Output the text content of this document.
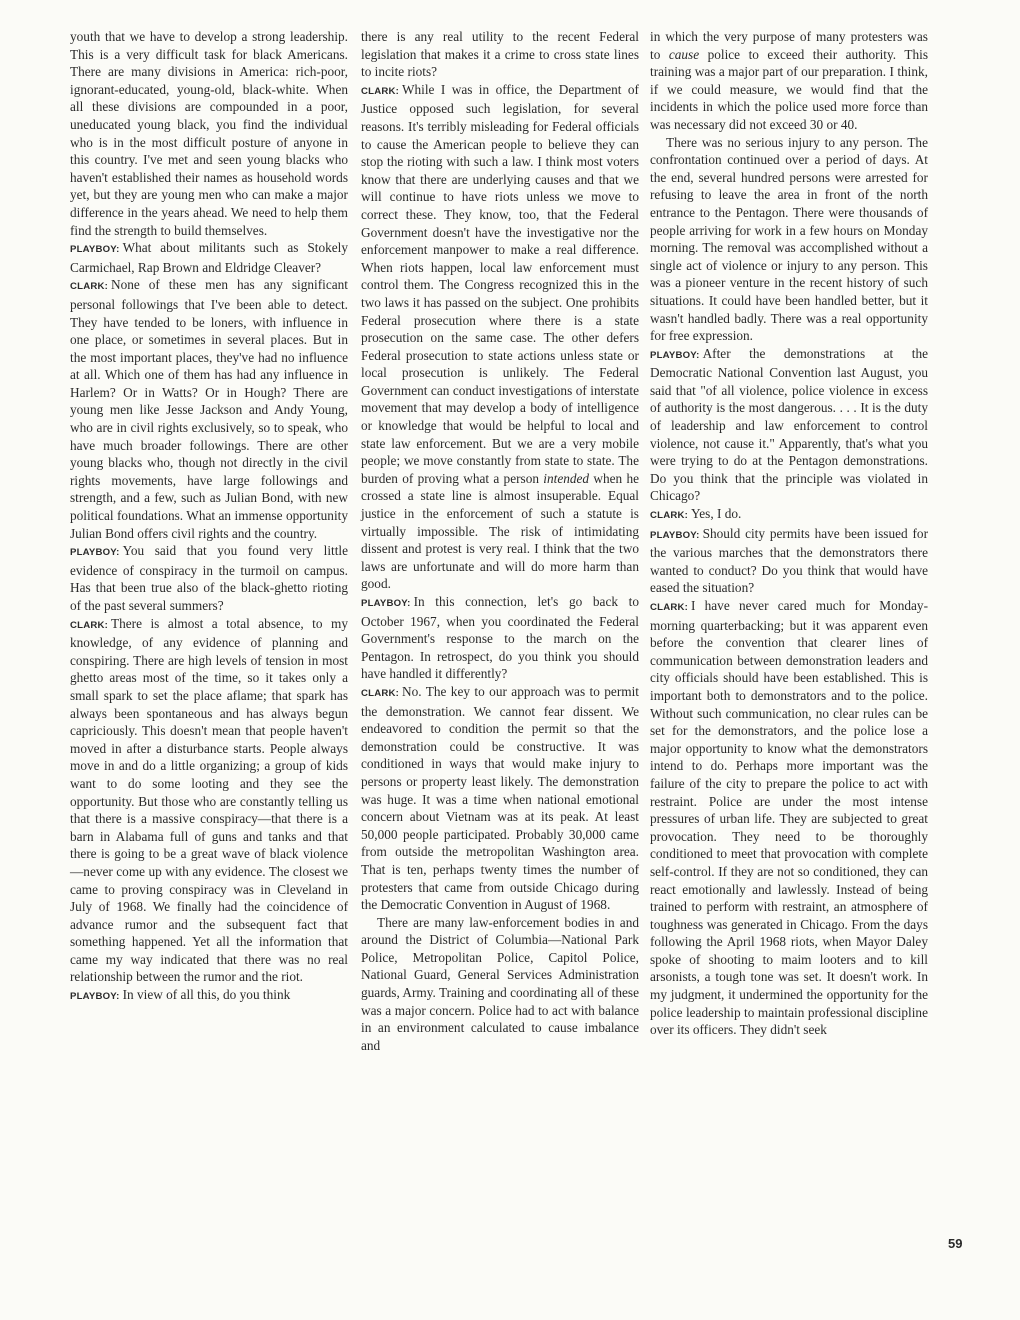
youth that we have to develop a strong leadership. This is a very difficult task for black Americans. There are many divisions in America: rich-poor, ignorant-educated, young-old, black-white. When all these divisions are compounded in a poor, uneducated young black, you find the individual who is in the most difficult posture of anyone in this country. I've met and seen young blacks who haven't established their names as household words yet, but they are young men who can make a major difference in the years ahead. We need to help them find the strength to build themselves.

PLAYBOY: What about militants such as Stokely Carmichael, Rap Brown and Eldridge Cleaver?

CLARK: None of these men has any significant personal followings that I've been able to detect. They have tended to be loners, with influence in one place, or sometimes in several places. But in the most important places, they've had no influence at all. Which one of them has had any influence in Harlem? Or in Watts? Or in Hough? There are young men like Jesse Jackson and Andy Young, who are in civil rights exclusively, so to speak, who have much broader followings. There are other young blacks who, though not directly in the civil rights movements, have large followings and strength, and a few, such as Julian Bond, with new political foundations. What an immense opportunity Julian Bond offers civil rights and the country.

PLAYBOY: You said that you found very little evidence of conspiracy in the turmoil on campus. Has that been true also of the black-ghetto rioting of the past several summers?

CLARK: There is almost a total absence, to my knowledge, of any evidence of planning and conspiring. There are high levels of tension in most ghetto areas most of the time, so it takes only a small spark to set the place aflame; that spark has always been spontaneous and has always begun capriciously. This doesn't mean that people haven't moved in after a disturbance starts. People always move in and do a little organizing; a group of kids want to do some looting and they see the opportunity. But those who are constantly telling us that there is a massive conspiracy—that there is a barn in Alabama full of guns and tanks and that there is going to be a great wave of black violence—never come up with any evidence. The closest we came to proving conspiracy was in Cleveland in July of 1968. We finally had the coincidence of advance rumor and the subsequent fact that something happened. Yet all the information that came my way indicated that there was no real relationship between the rumor and the riot.

PLAYBOY: In view of all this, do you think

there is any real utility to the recent Federal legislation that makes it a crime to cross state lines to incite riots?

CLARK: While I was in office, the Department of Justice opposed such legislation, for several reasons. It's terribly misleading for Federal officials to cause the American people to believe they can stop the rioting with such a law. I think most voters know that there are underlying causes and that we will continue to have riots unless we move to correct these. They know, too, that the Federal Government doesn't have the investigative nor the enforcement manpower to make a real difference. When riots happen, local law enforcement must control them. The Congress recognized this in the two laws it has passed on the subject. One prohibits Federal prosecution where there is a state prosecution on the same case. The other defers Federal prosecution to state actions unless state or local prosecution is unlikely. The Federal Government can conduct investigations of interstate movement that may develop a body of intelligence or knowledge that would be helpful to local and state law enforcement. But we are a very mobile people; we move constantly from state to state. The burden of proving what a person intended when he crossed a state line is almost insuperable. Equal justice in the enforcement of such a statute is virtually impossible. The risk of intimidating dissent and protest is very real. I think that the two laws are unfortunate and will do more harm than good.

PLAYBOY: In this connection, let's go back to October 1967, when you coordinated the Federal Government's response to the march on the Pentagon. In retrospect, do you think you should have handled it differently?

CLARK: No. The key to our approach was to permit the demonstration. We cannot fear dissent. We endeavored to condition the permit so that the demonstration could be constructive. It was conditioned in ways that would make injury to persons or property least likely. The demonstration was huge. It was a time when national emotional concern about Vietnam was at its peak. At least 50,000 people participated. Probably 30,000 came from outside the metropolitan Washington area. That is ten, perhaps twenty times the number of protesters that came from outside Chicago during the Democratic Convention in August of 1968.

There are many law-enforcement bodies in and around the District of Columbia—National Park Police, Metropolitan Police, Capitol Police, National Guard, General Services Administration guards, Army. Training and coordinating all of these was a major concern. Police had to act with balance in an environment calculated to cause imbalance and

in which the very purpose of many protesters was to cause police to exceed their authority. This training was a major part of our preparation. I think, if we could measure, we would find that the incidents in which the police used more force than was necessary did not exceed 30 or 40.

There was no serious injury to any person. The confrontation continued over a period of days. At the end, several hundred persons were arrested for refusing to leave the area in front of the north entrance to the Pentagon. There were thousands of people arriving for work in a few hours on Monday morning. The removal was accomplished without a single act of violence or injury to any person. This was a pioneer venture in the recent history of such situations. It could have been handled better, but it wasn't handled badly. There was a real opportunity for free expression.

PLAYBOY: After the demonstrations at the Democratic National Convention last August, you said that "of all violence, police violence in excess of authority is the most dangerous. . . . It is the duty of leadership and law enforcement to control violence, not cause it." Apparently, that's what you were trying to do at the Pentagon demonstrations. Do you think that the principle was violated in Chicago?

CLARK: Yes, I do.

PLAYBOY: Should city permits have been issued for the various marches that the demonstrators there wanted to conduct? Do you think that would have eased the situation?

CLARK: I have never cared much for Monday-morning quarterbacking; but it was apparent even before the convention that clearer lines of communication between demonstration leaders and city officials should have been established. This is important both to demonstrators and to the police. Without such communication, no clear rules can be set for the demonstrators, and the police lose a major opportunity to know what the demonstrators intend to do. Perhaps more important was the failure of the city to prepare the police to act with restraint. Police are under the most intense pressures of urban life. They are subjected to great provocation. They need to be thoroughly conditioned to meet that provocation with complete self-control. If they are not so conditioned, they can react emotionally and lawlessly. Instead of being trained to perform with restraint, an atmosphere of toughness was generated in Chicago. From the days following the April 1968 riots, when Mayor Daley spoke of shooting to maim looters and to kill arsonists, a tough tone was set. It doesn't work. In my judgment, it undermined the opportunity for the police leadership to maintain professional discipline over its officers. They didn't seek

59
